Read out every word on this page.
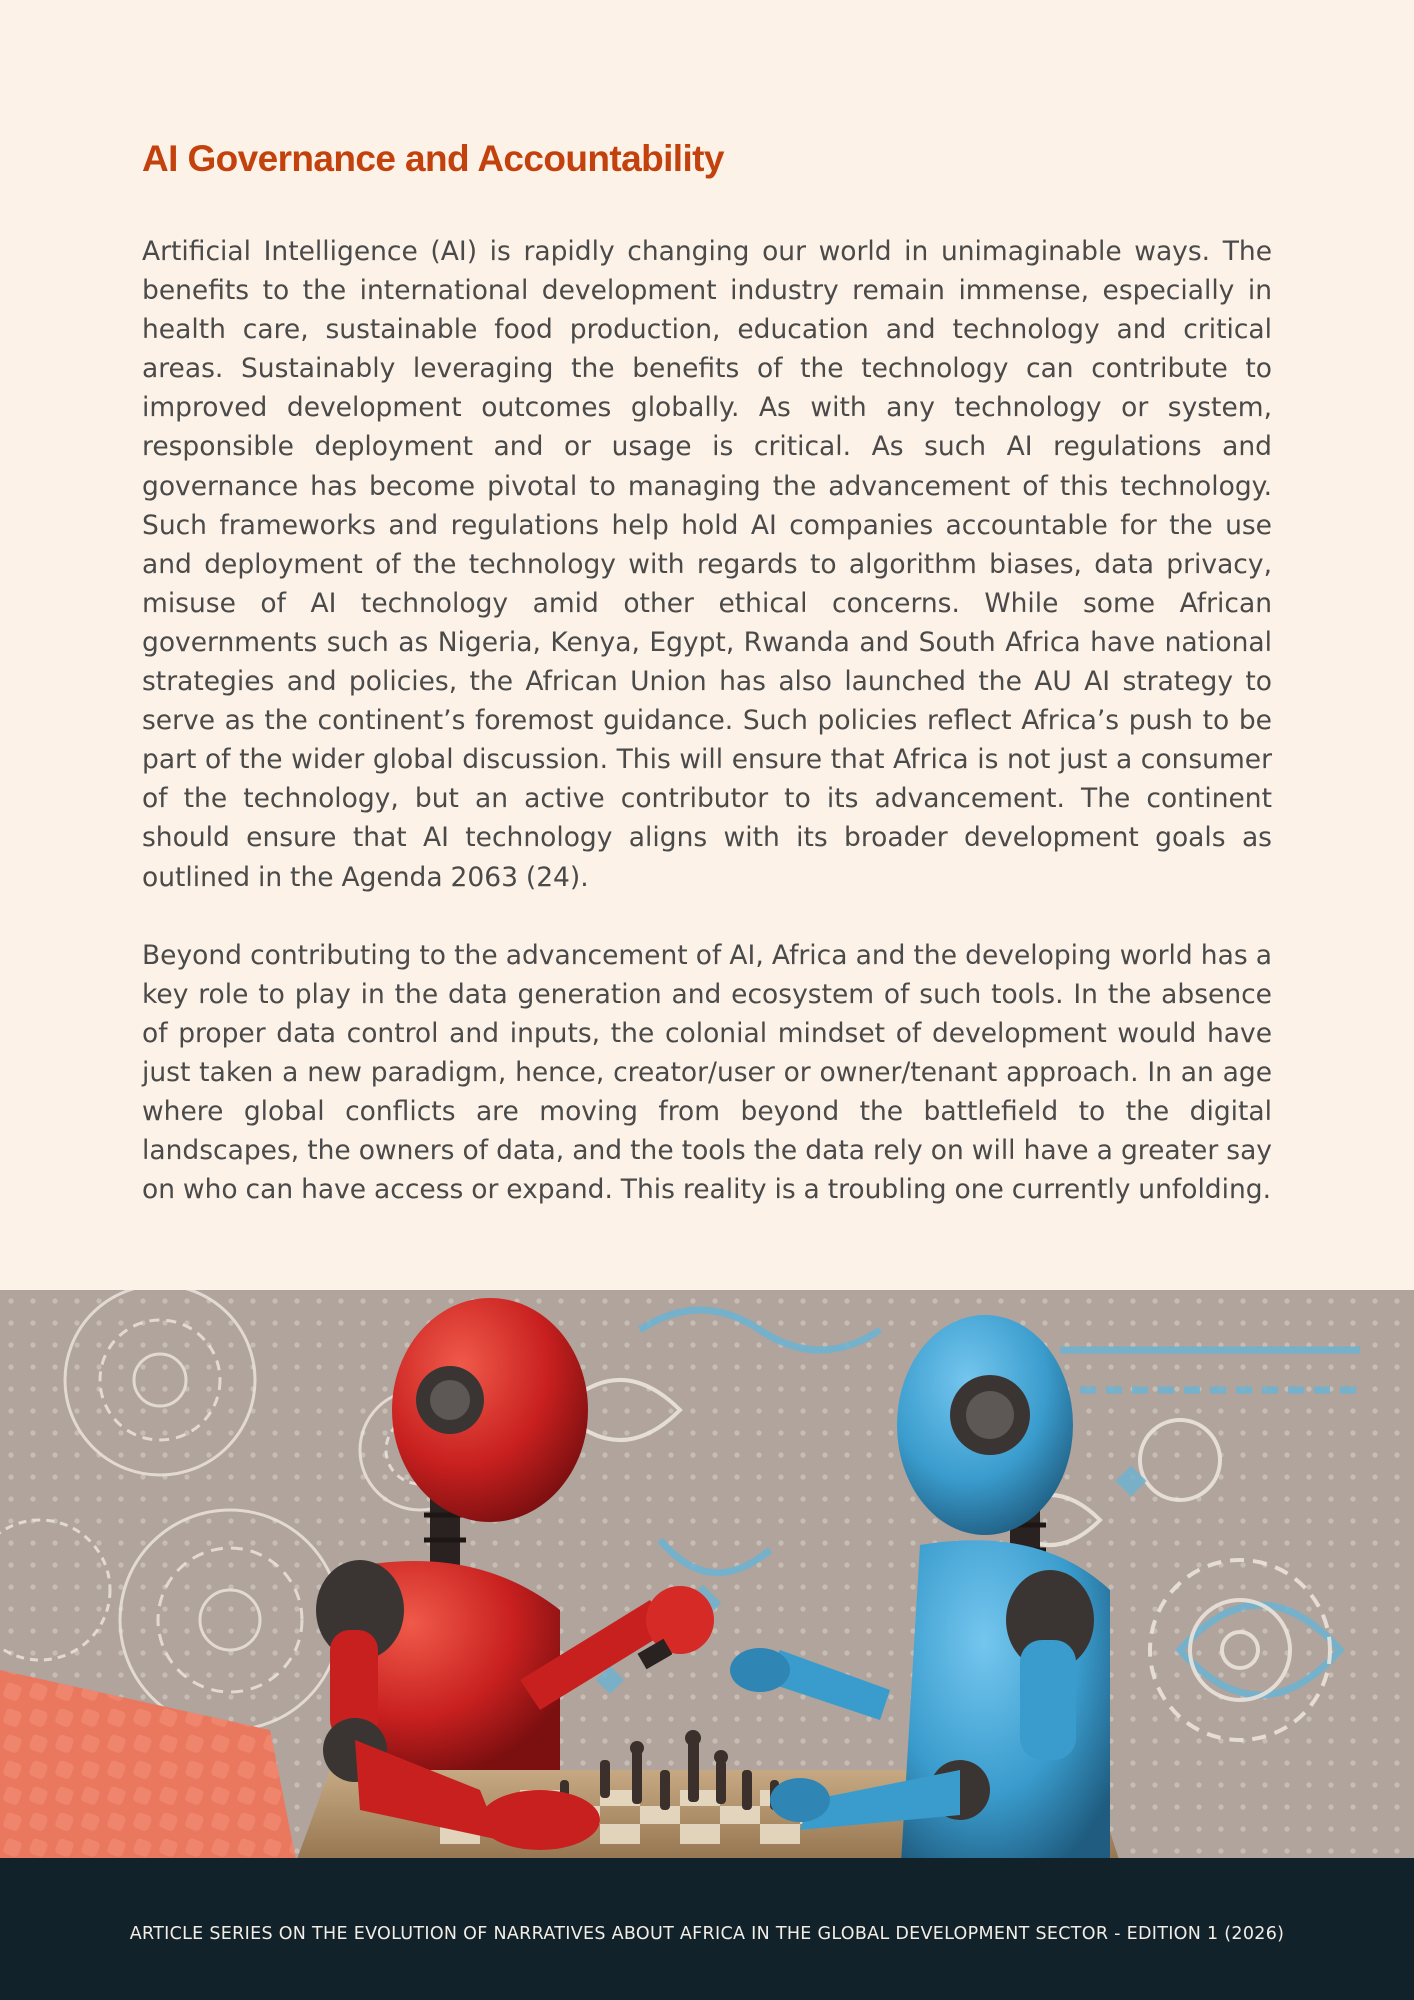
AI Governance and Accountability

Artificial Intelligence (AI) is rapidly changing our world in unimaginable ways. The benefits to the international development industry remain immense, especially in health care, sustainable food production, education and technology and critical areas. Sustainably leveraging the benefits of the technology can contribute to improved development outcomes globally. As with any technology or system, responsible deployment and or usage is critical. As such AI regulations and governance has become pivotal to managing the advancement of this technology. Such frameworks and regulations help hold AI companies accountable for the use and deployment of the technology with regards to algorithm biases, data privacy, misuse of AI technology amid other ethical concerns. While some African governments such as Nigeria, Kenya, Egypt, Rwanda and South Africa have national strategies and policies, the African Union has also launched the AU AI strategy to serve as the continent’s foremost guidance. Such policies reflect Africa’s push to be part of the wider global discussion. This will ensure that Africa is not just a consumer of the technology, but an active contributor to its advancement. The continent should ensure that AI technology aligns with its broader development goals as outlined in the Agenda 2063 (24).

Beyond contributing to the advancement of AI, Africa and the developing world has a key role to play in the data generation and ecosystem of such tools. In the absence of proper data control and inputs, the colonial mindset of development would have just taken a new paradigm, hence, creator/user or owner/tenant approach. In an age where global conflicts are moving from beyond the battlefield to the digital landscapes, the owners of data, and the tools the data rely on will have a greater say on who can have access or expand. This reality is a troubling one currently unfolding.

ARTICLE SERIES ON THE EVOLUTION OF NARRATIVES ABOUT AFRICA IN THE GLOBAL DEVELOPMENT SECTOR - EDITION 1 (2026)
